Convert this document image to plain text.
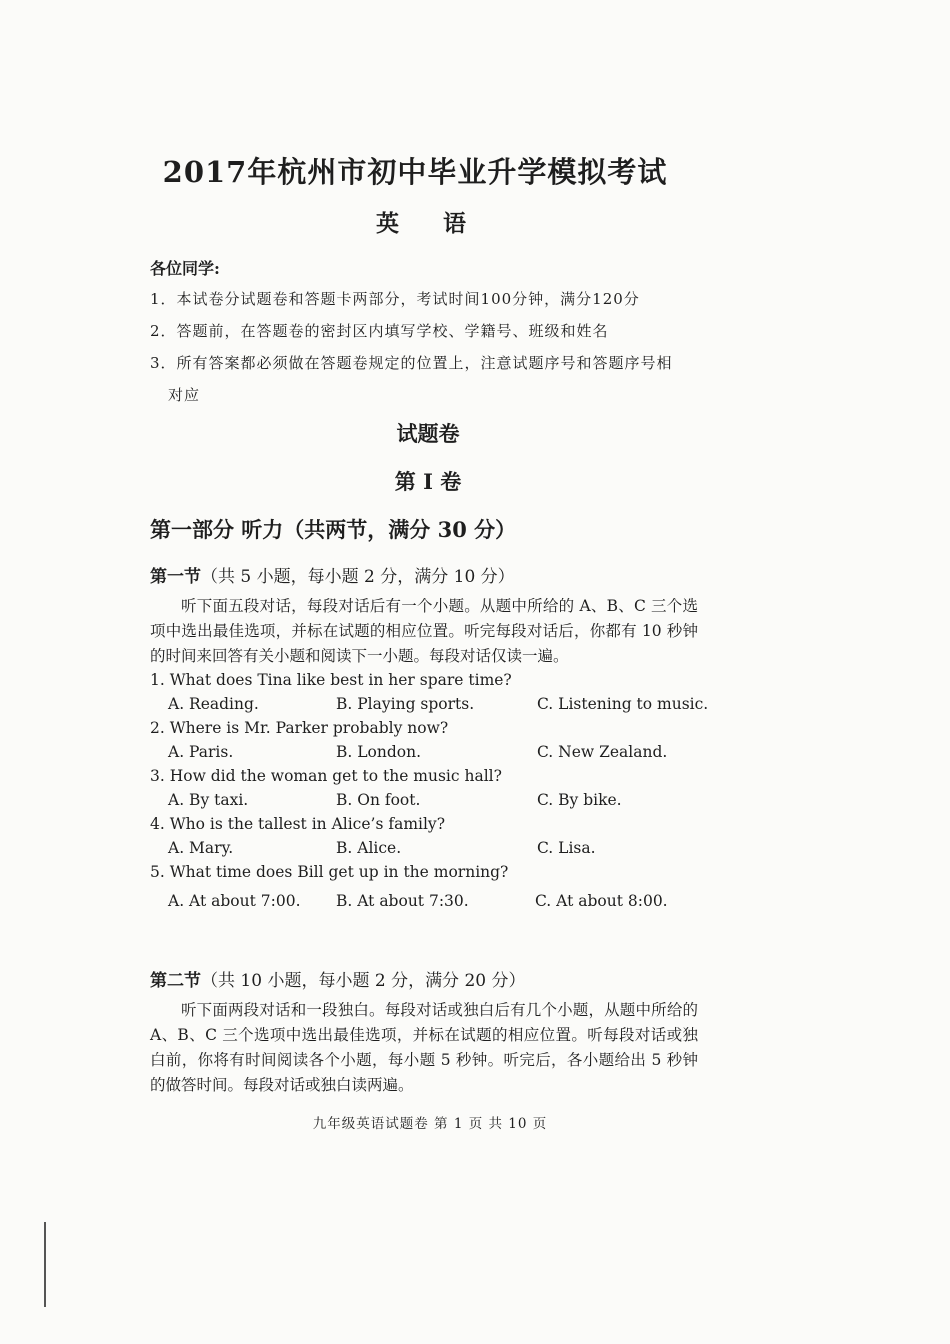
2017年杭州市初中毕业升学模拟考试
英 语
各位同学:
1．本试卷分试题卷和答题卡两部分，考试时间100分钟，满分120分
2．答题前，在答题卷的密封区内填写学校、学籍号、班级和姓名
3．所有答案都必须做在答题卷规定的位置上，注意试题序号和答题序号相
对应
试题卷
第 I 卷
第一部分 听力（共两节，满分 30 分）
第一节（共 5 小题，每小题 2 分，满分 10 分）
听下面五段对话，每段对话后有一个小题。从题中所给的 A、B、C 三个选项中选出最佳选项，并标在试题的相应位置。听完每段对话后，你都有 10 秒钟的时间来回答有关小题和阅读下一小题。每段对话仅读一遍。
1. What does Tina like best in her spare time?
A. Reading.	B. Playing sports.	C. Listening to music.
2. Where is Mr. Parker probably now?
A. Paris.	B. London.	C. New Zealand.
3. How did the woman get to the music hall?
A. By taxi.	B. On foot.	C. By bike.
4. Who is the tallest in Alice’s family?
A. Mary.	B. Alice.	C. Lisa.
5. What time does Bill get up in the morning?
A. At about 7:00. B. At about 7:30.	C. At about 8:00.
第二节（共 10 小题，每小题 2 分，满分 20 分）
听下面两段对话和一段独白。每段对话或独白后有几个小题，从题中所给的 A、B、C 三个选项中选出最佳选项，并标在试题的相应位置。听每段对话或独白前，你将有时间阅读各个小题，每小题 5 秒钟。听完后，各小题给出 5 秒钟的做答时间。每段对话或独白读两遍。
九年级英语试题卷 第 1 页 共 10 页
